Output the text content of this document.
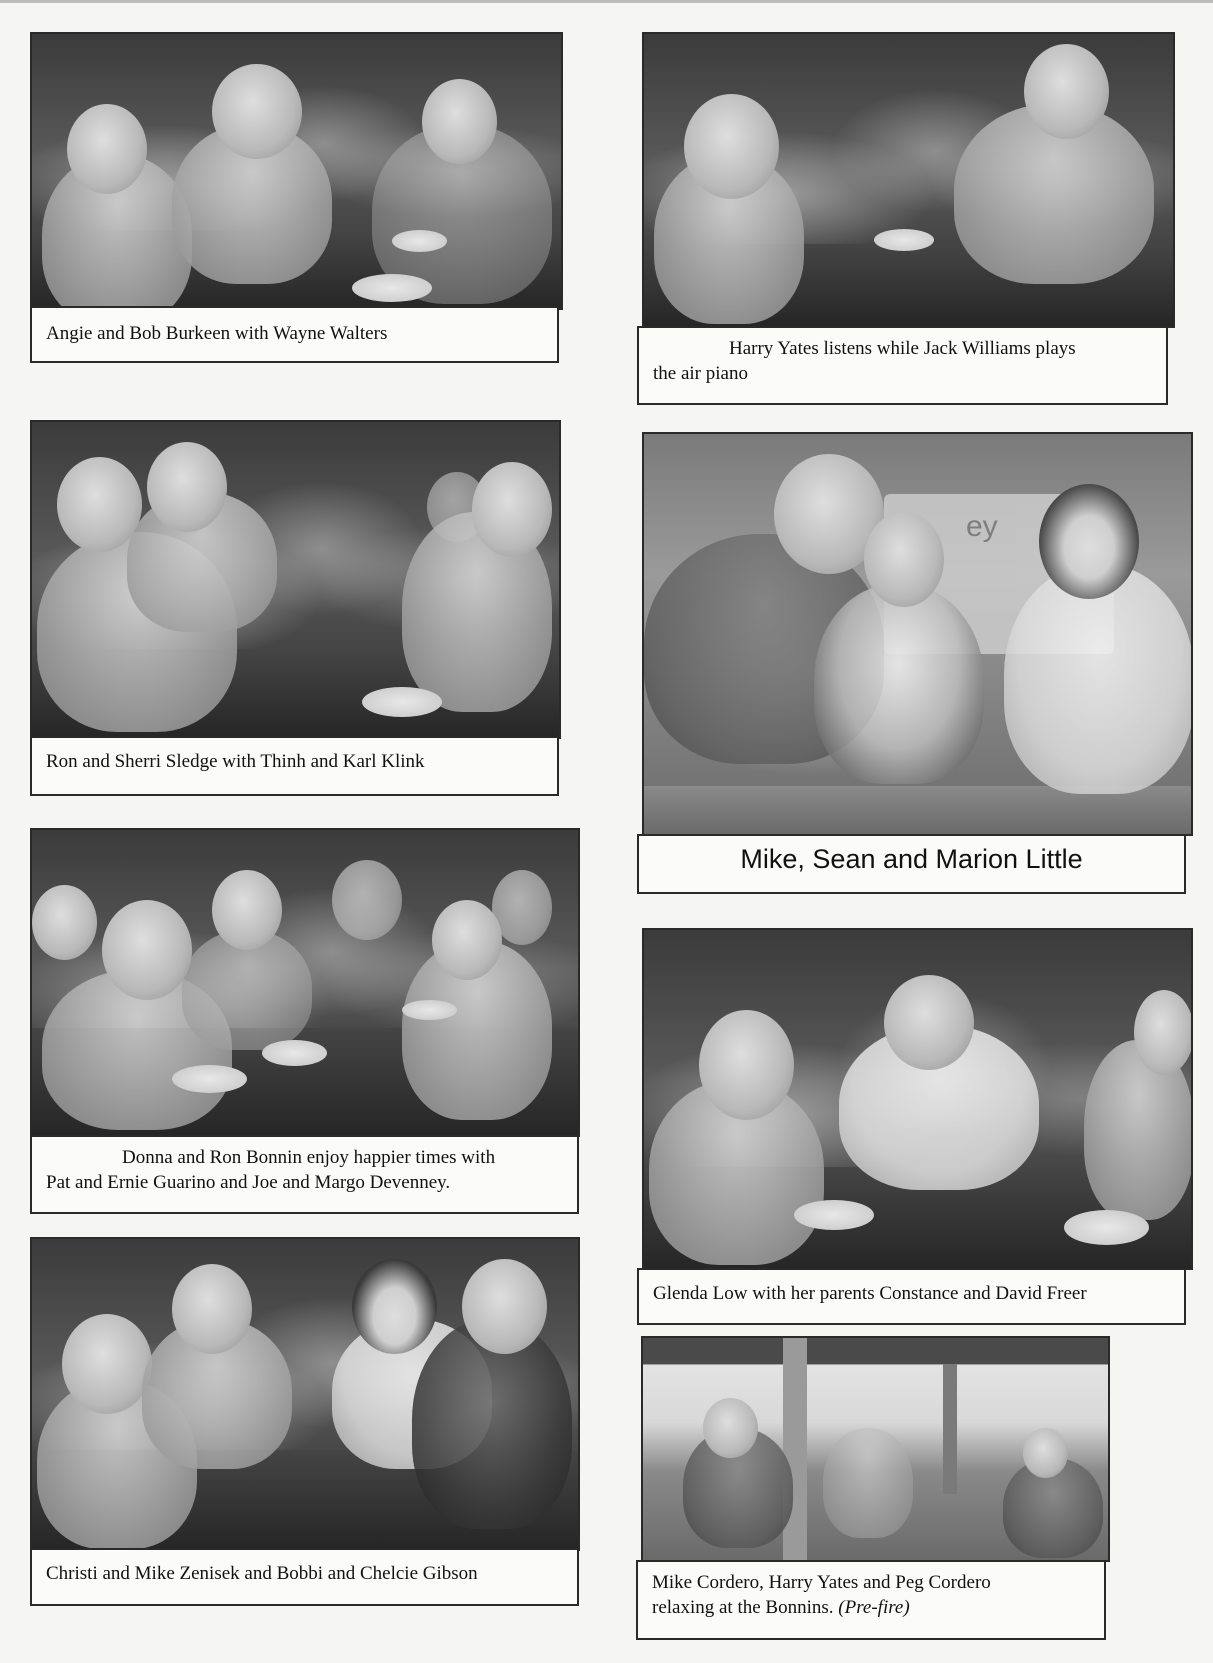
Angie and Bob Burkeen with Wayne Walters
Harry Yates listens while Jack Williams plays
the air piano
Ron and Sherri Sledge with Thinh and Karl Klink
ey
Mike, Sean and Marion Little
Donna and Ron Bonnin enjoy happier times with
Pat and Ernie Guarino and Joe and Margo Devenney.
Glenda Low with her parents Constance and David Freer
Christi and Mike Zenisek and Bobbi and Chelcie Gibson	Mike Cordero, Harry Yates and Peg Cordero
relaxing at the Bonnins. (Pre-fire)
